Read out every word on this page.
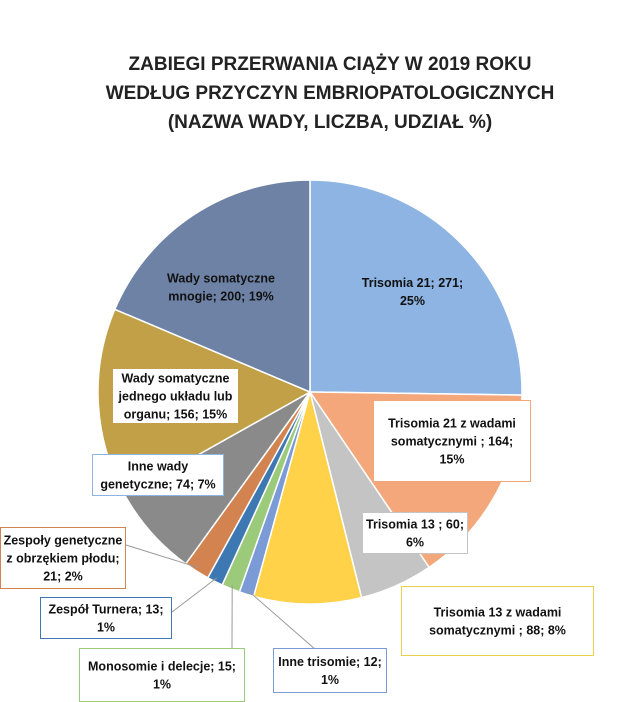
ZABIEGI PRZERWANIA CIĄŻY W 2019 ROKU
WEDŁUG PRZYCZYN EMBRIOPATOLOGICZNYCH
(NAZWA WADY, LICZBA, UDZIAŁ %)
Trisomia 21; 271;
25%
Trisomia 21 z wadami
somatycznymi ; 164;
15%
Trisomia 13 ; 60;
6%
Trisomia 13 z wadami
somatycznymi ; 88; 8%
Inne trisomie; 12;
1%
Monosomie i delecje; 15;
1%
Zespół Turnera; 13;
1%
Zespoły genetyczne
z obrzękiem płodu;
21; 2%
Inne wady
genetyczne; 74; 7%
Wady somatyczne
jednego układu lub
organu; 156; 15%
Wady somatyczne
mnogie; 200; 19%
